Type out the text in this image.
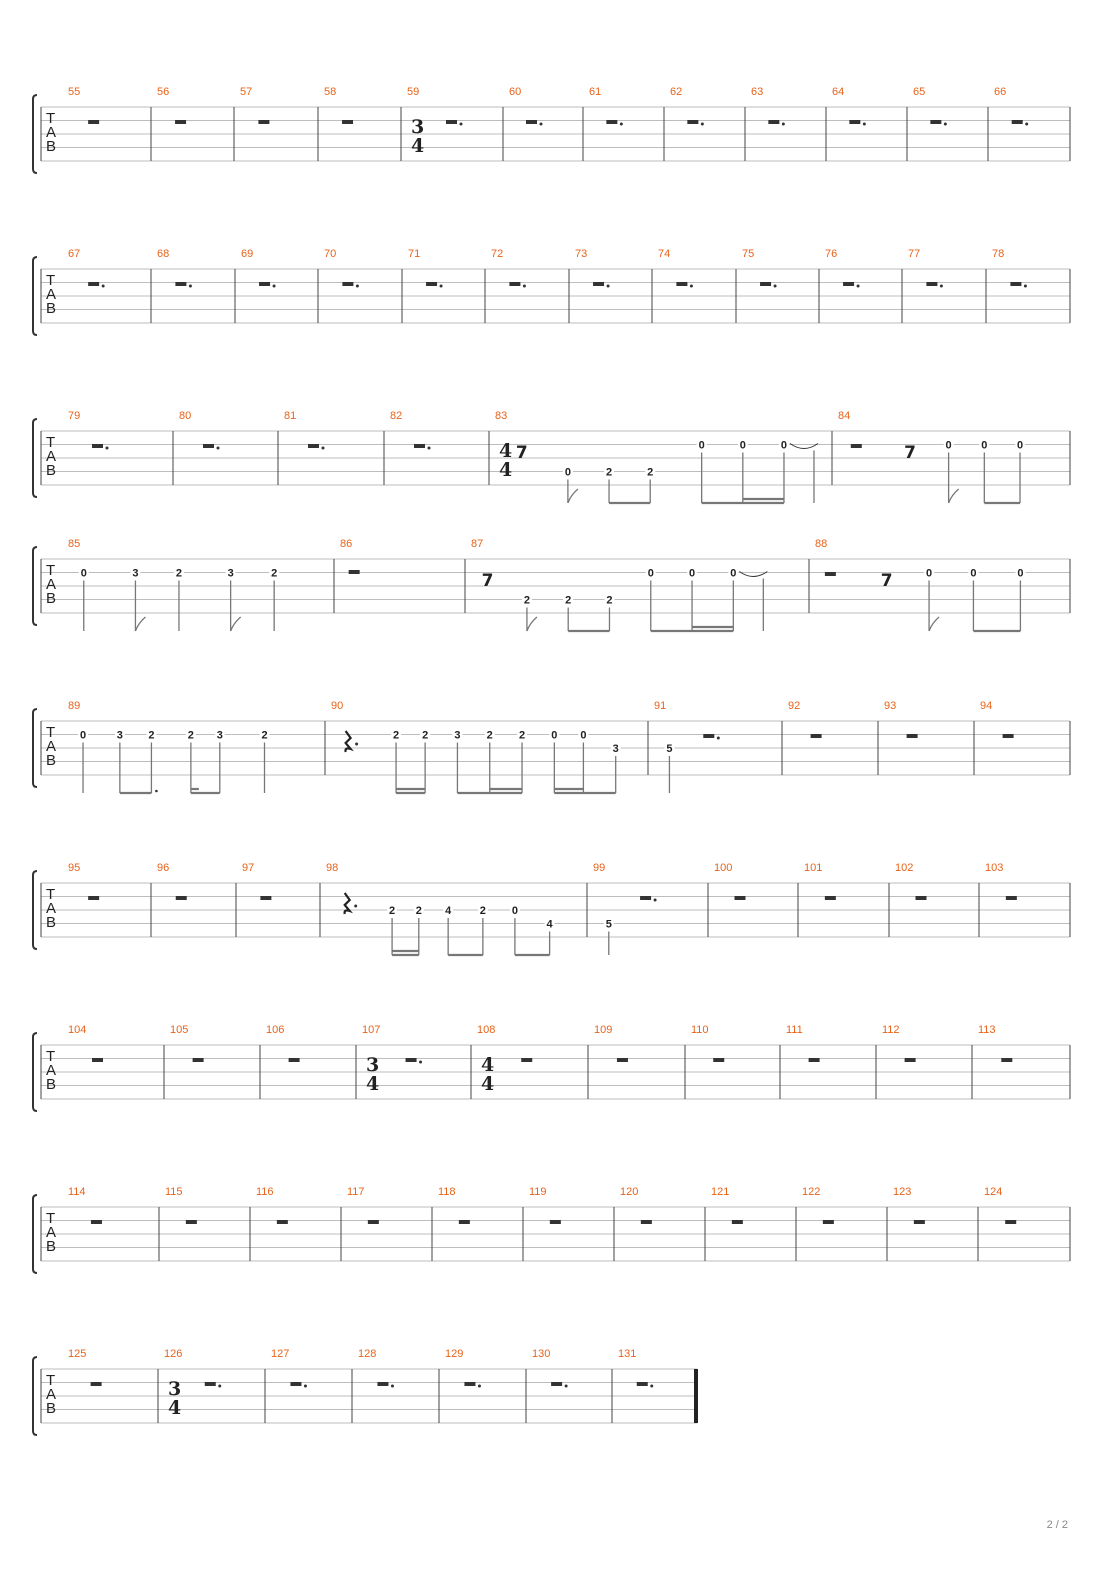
T
A
B
55	56	57	58	59
3
4
60	61	62	63	64	65	66
T
A
B
67	68	69	70	71	72	73	74	75	76	77	78
T
A
B
79	80	81	82	83
4
4
7
0	2	2
0	0	0
84
7	0	0	0
T
A
B
85
0	3	2	3	2
86	87
7
2	2	2
0	0	0
88
7	0	0	0
T
A
B
89
0	3 2	2 3	2
90
2 2 3 2 2 0 0
3
91
5
92	93	94
T
A
B
95	96	97	98
2 2 4	2 0
4
99
5
100	101	102	103
T
A
B
104	105	106	107
3
4
108
4
4
109	110	111	112	113
T
A
B
114	115	116	117	118	119	120	121	122	123	124
T
A
B
125	126
3
4
127	128	129	130	131
2 / 2
